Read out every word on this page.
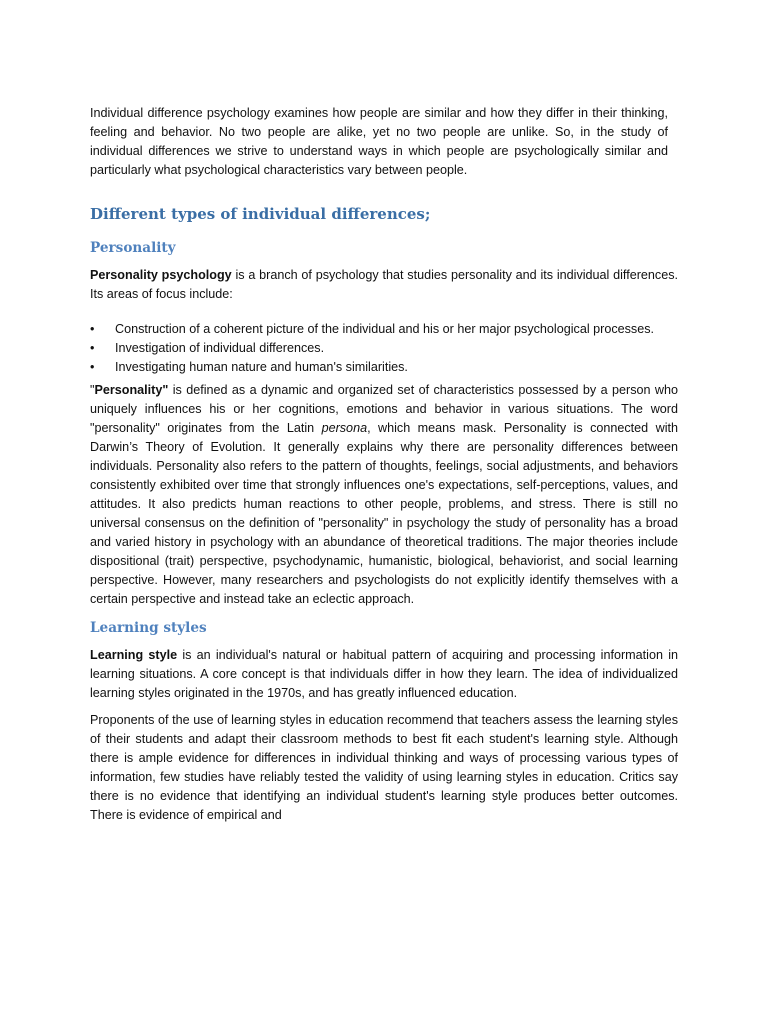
Individual difference psychology examines how people are similar and how they differ in their thinking, feeling and behavior. No two people are alike, yet no two people are unlike. So, in the study of individual differences we strive to understand ways in which people are psychologically similar and particularly what psychological characteristics vary between people.

Different types of individual differences;
Personality

Personality psychology is a branch of psychology that studies personality and its individual differences. Its areas of focus include:

• Construction of a coherent picture of the individual and his or her major psychological processes.
• Investigation of individual differences.
• Investigating human nature and human's similarities.

"Personality" is defined as a dynamic and organized set of characteristics possessed by a person who uniquely influences his or her cognitions, emotions and behavior in various situations. The word "personality" originates from the Latin persona, which means mask. Personality is connected with Darwin’s Theory of Evolution. It generally explains why there are personality differences between individuals. Personality also refers to the pattern of thoughts, feelings, social adjustments, and behaviors consistently exhibited over time that strongly influences one's expectations, self-perceptions, values, and attitudes. It also predicts human reactions to other people, problems, and stress. There is still no universal consensus on the definition of "personality" in psychology the study of personality has a broad and varied history in psychology with an abundance of theoretical traditions. The major theories include dispositional (trait) perspective, psychodynamic, humanistic, biological, behaviorist, and social learning perspective. However, many researchers and psychologists do not explicitly identify themselves with a certain perspective and instead take an eclectic approach.

Learning styles

Learning style is an individual's natural or habitual pattern of acquiring and processing information in learning situations. A core concept is that individuals differ in how they learn. The idea of individualized learning styles originated in the 1970s, and has greatly influenced education.

Proponents of the use of learning styles in education recommend that teachers assess the learning styles of their students and adapt their classroom methods to best fit each student's learning style. Although there is ample evidence for differences in individual thinking and ways of processing various types of information, few studies have reliably tested the validity of using learning styles in education. Critics say there is no evidence that identifying an individual student's learning style produces better outcomes. There is evidence of empirical and
